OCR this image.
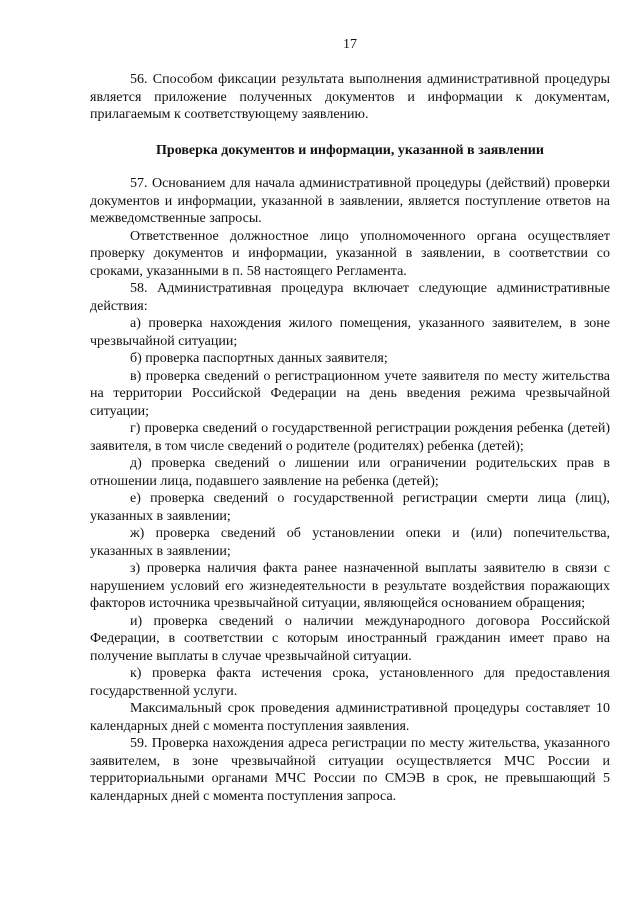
17

56. Способом фиксации результата выполнения административной процедуры является приложение полученных документов и информации к документам, прилагаемым к соответствующему заявлению.

Проверка документов и информации, указанной в заявлении

57. Основанием для начала административной процедуры (действий) проверки документов и информации, указанной в заявлении, является поступление ответов на межведомственные запросы.

Ответственное должностное лицо уполномоченного органа осуществляет проверку документов и информации, указанной в заявлении, в соответствии со сроками, указанными в п. 58 настоящего Регламента.

58. Административная процедура включает следующие административные действия:

а) проверка нахождения жилого помещения, указанного заявителем, в зоне чрезвычайной ситуации;

б) проверка паспортных данных заявителя;

в) проверка сведений о регистрационном учете заявителя по месту жительства на территории Российской Федерации на день введения режима чрезвычайной ситуации;

г) проверка сведений о государственной регистрации рождения ребенка (детей) заявителя, в том числе сведений о родителе (родителях) ребенка (детей);

д) проверка сведений о лишении или ограничении родительских прав в отношении лица, подавшего заявление на ребенка (детей);

е) проверка сведений о государственной регистрации смерти лица (лиц), указанных в заявлении;

ж) проверка сведений об установлении опеки и (или) попечительства, указанных в заявлении;

з) проверка наличия факта ранее назначенной выплаты заявителю в связи с нарушением условий его жизнедеятельности в результате воздействия поражающих факторов источника чрезвычайной ситуации, являющейся основанием обращения;

и) проверка сведений о наличии международного договора Российской Федерации, в соответствии с которым иностранный гражданин имеет право на получение выплаты в случае чрезвычайной ситуации.

к) проверка факта истечения срока, установленного для предоставления государственной услуги.

Максимальный срок проведения административной процедуры составляет 10 календарных дней с момента поступления заявления.

59. Проверка нахождения адреса регистрации по месту жительства, указанного заявителем, в зоне чрезвычайной ситуации осуществляется МЧС России и территориальными органами МЧС России по СМЭВ в срок, не превышающий 5 календарных дней с момента поступления запроса.
